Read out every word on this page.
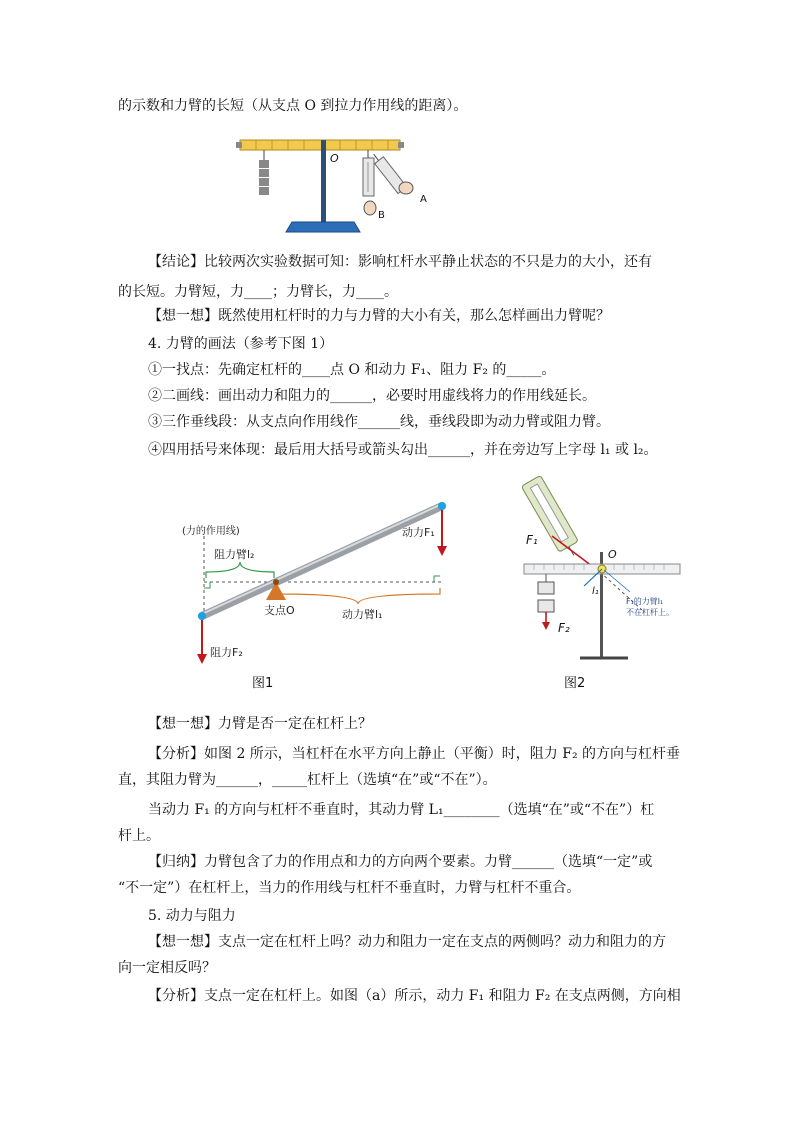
的示数和力臂的长短（从支点 O 到拉力作用线的距离）。
O
B
A
【结论】比较两次实验数据可知：影响杠杆水平静止状态的不只是力的大小，还有
的长短。力臂短，力____；力臂长，力____。
【想一想】既然使用杠杆时的力与力臂的大小有关，那么怎样画出力臂呢？
4. 力臂的画法（参考下图 1）
①一找点：先确定杠杆的____点 O 和动力 F₁、阻力 F₂ 的_____。
②二画线：画出动力和阻力的______，必要时用虚线将力的作用线延长。
③三作垂线段：从支点向作用线作______线，垂线段即为动力臂或阻力臂。
④四用括号来体现：最后用大括号或箭头勾出______，并在旁边写上字母 l₁ 或 l₂。
(力的作用线)
阻力臂l₂
动力臂l₁
支点O
动力F₁
阻力F₂
图1
F₁
O
F₂
l₁
F₁的力臂l₁
不在杠杆上。
图2
【想一想】力臂是否一定在杠杆上？
【分析】如图 2 所示，当杠杆在水平方向上静止（平衡）时，阻力 F₂ 的方向与杠杆垂
直，其阻力臂为______，_____杠杆上（选填“在”或“不在”）。
当动力 F₁ 的方向与杠杆不垂直时，其动力臂 L₁________（选填“在”或“不在”）杠
杆上。
【归纳】力臂包含了力的作用点和力的方向两个要素。力臂______（选填“一定”或
“不一定”）在杠杆上，当力的作用线与杠杆不垂直时，力臂与杠杆不重合。
5. 动力与阻力
【想一想】支点一定在杠杆上吗？动力和阻力一定在支点的两侧吗？动力和阻力的方
向一定相反吗？
【分析】支点一定在杠杆上。如图（a）所示，动力 F₁ 和阻力 F₂ 在支点两侧，方向相
